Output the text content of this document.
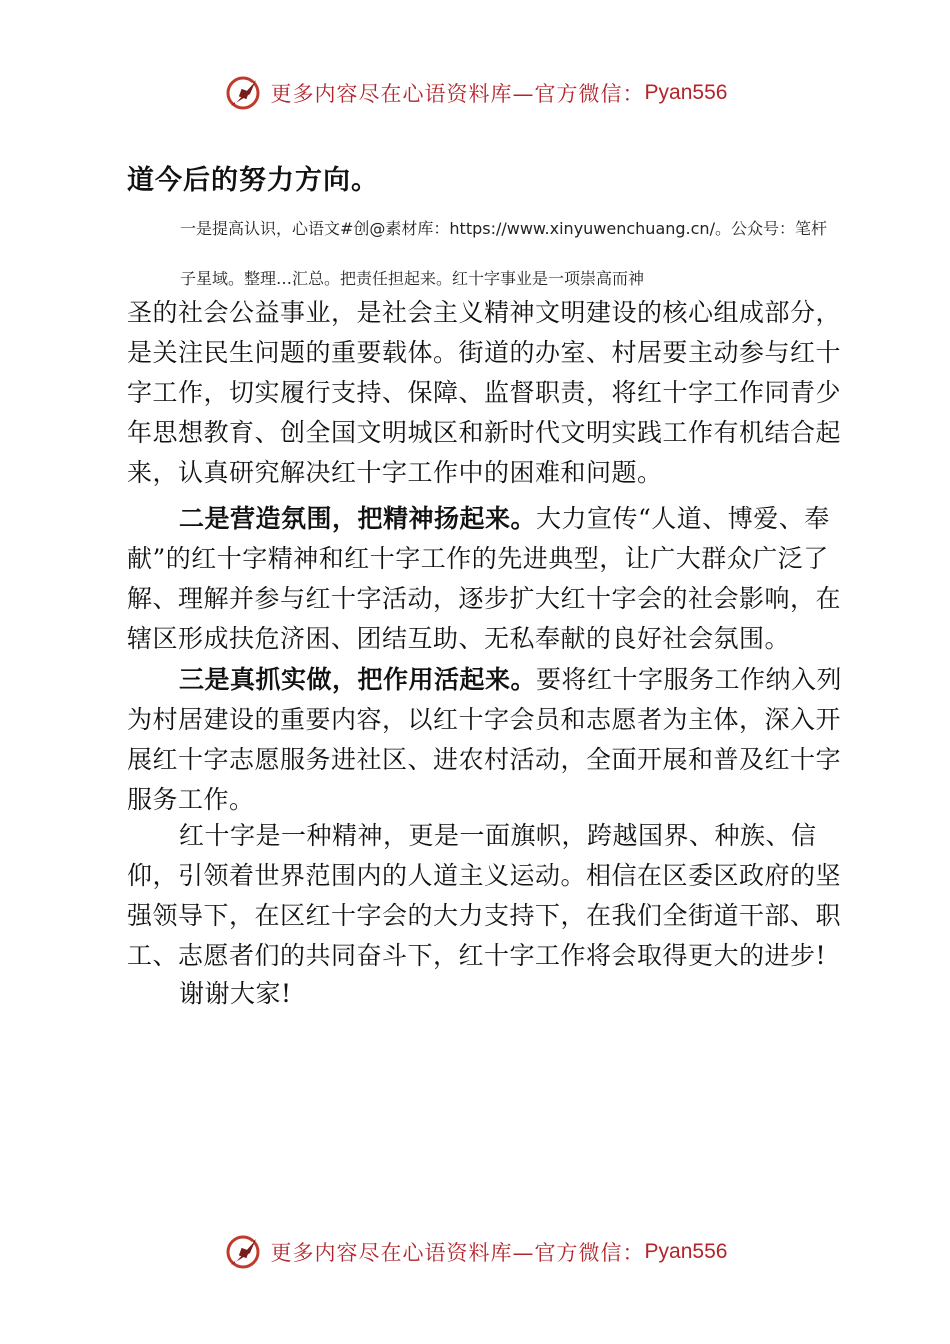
更多内容尽在心语资料库—官方微信： Pyan556

道今后的努力方向。

一是提高认识，心语文#创@素材库：https://www.xinyuwenchuang.cn/。公众号：笔杆

子星域。整理…汇总。把责任担起来。红十字事业是一项崇高而神

圣的社会公益事业，是社会主义精神文明建设的核心组成部分，是关注民生问题的重要载体。街道的办室、村居要主动参与红十字工作，切实履行支持、保障、监督职责，将红十字工作同青少年思想教育、创全国文明城区和新时代文明实践工作有机结合起来，认真研究解决红十字工作中的困难和问题。

二是营造氛围，把精神扬起来。大力宣传“人道、博爱、奉献”的红十字精神和红十字工作的先进典型，让广大群众广泛了解、理解并参与红十字活动，逐步扩大红十字会的社会影响，在辖区形成扶危济困、团结互助、无私奉献的良好社会氛围。

三是真抓实做，把作用活起来。要将红十字服务工作纳入列为村居建设的重要内容，以红十字会员和志愿者为主体，深入开展红十字志愿服务进社区、进农村活动，全面开展和普及红十字服务工作。

红十字是一种精神，更是一面旗帜，跨越国界、种族、信仰，引领着世界范围内的人道主义运动。相信在区委区政府的坚强领导下，在区红十字会的大力支持下，在我们全街道干部、职工、志愿者们的共同奋斗下，红十字工作将会取得更大的进步!

谢谢大家!

更多内容尽在心语资料库—官方微信： Pyan556
